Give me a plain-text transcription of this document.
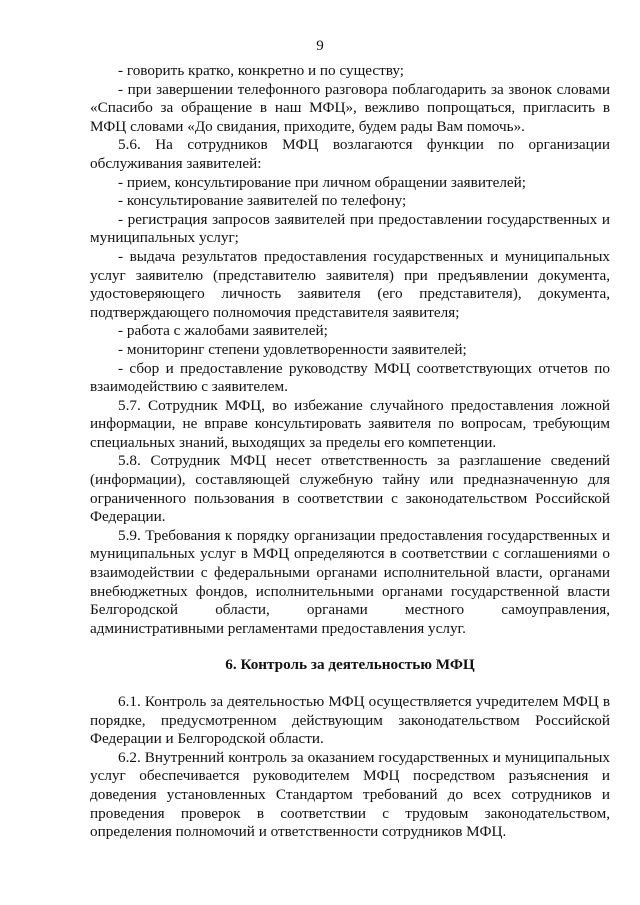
9

- говорить кратко, конкретно и по существу;

- при завершении телефонного разговора поблагодарить за звонок словами «Спасибо за обращение в наш МФЦ», вежливо попрощаться, пригласить в МФЦ словами «До свидания, приходите, будем рады Вам помочь».

5.6. На сотрудников МФЦ возлагаются функции по организации обслуживания заявителей:

- прием, консультирование при личном обращении заявителей;

- консультирование заявителей по телефону;

- регистрация запросов заявителей при предоставлении государственных и муниципальных услуг;

- выдача результатов предоставления государственных и муниципальных услуг заявителю (представителю заявителя) при предъявлении документа, удостоверяющего личность заявителя (его представителя), документа, подтверждающего полномочия представителя заявителя;

- работа с жалобами заявителей;

- мониторинг степени удовлетворенности заявителей;

- сбор и предоставление руководству МФЦ соответствующих отчетов по взаимодействию с заявителем.

5.7. Сотрудник МФЦ, во избежание случайного предоставления ложной информации, не вправе консультировать заявителя по вопросам, требующим специальных знаний, выходящих за пределы его компетенции.

5.8. Сотрудник МФЦ несет ответственность за разглашение сведений (информации), составляющей служебную тайну или предназначенную для ограниченного пользования в соответствии с законодательством Российской Федерации.

5.9. Требования к порядку организации предоставления государственных и муниципальных услуг в МФЦ определяются в соответствии с соглашениями о взаимодействии с федеральными органами исполнительной власти, органами внебюджетных фондов, исполнительными органами государственной власти Белгородской области, органами местного самоуправления, административными регламентами предоставления услуг.

6. Контроль за деятельностью МФЦ

6.1. Контроль за деятельностью МФЦ осуществляется учредителем МФЦ в порядке, предусмотренном действующим законодательством Российской Федерации и Белгородской области.

6.2. Внутренний контроль за оказанием государственных и муниципальных услуг обеспечивается руководителем МФЦ посредством разъяснения и доведения установленных Стандартом требований до всех сотрудников и проведения проверок в соответствии с трудовым законодательством, определения полномочий и ответственности сотрудников МФЦ.
